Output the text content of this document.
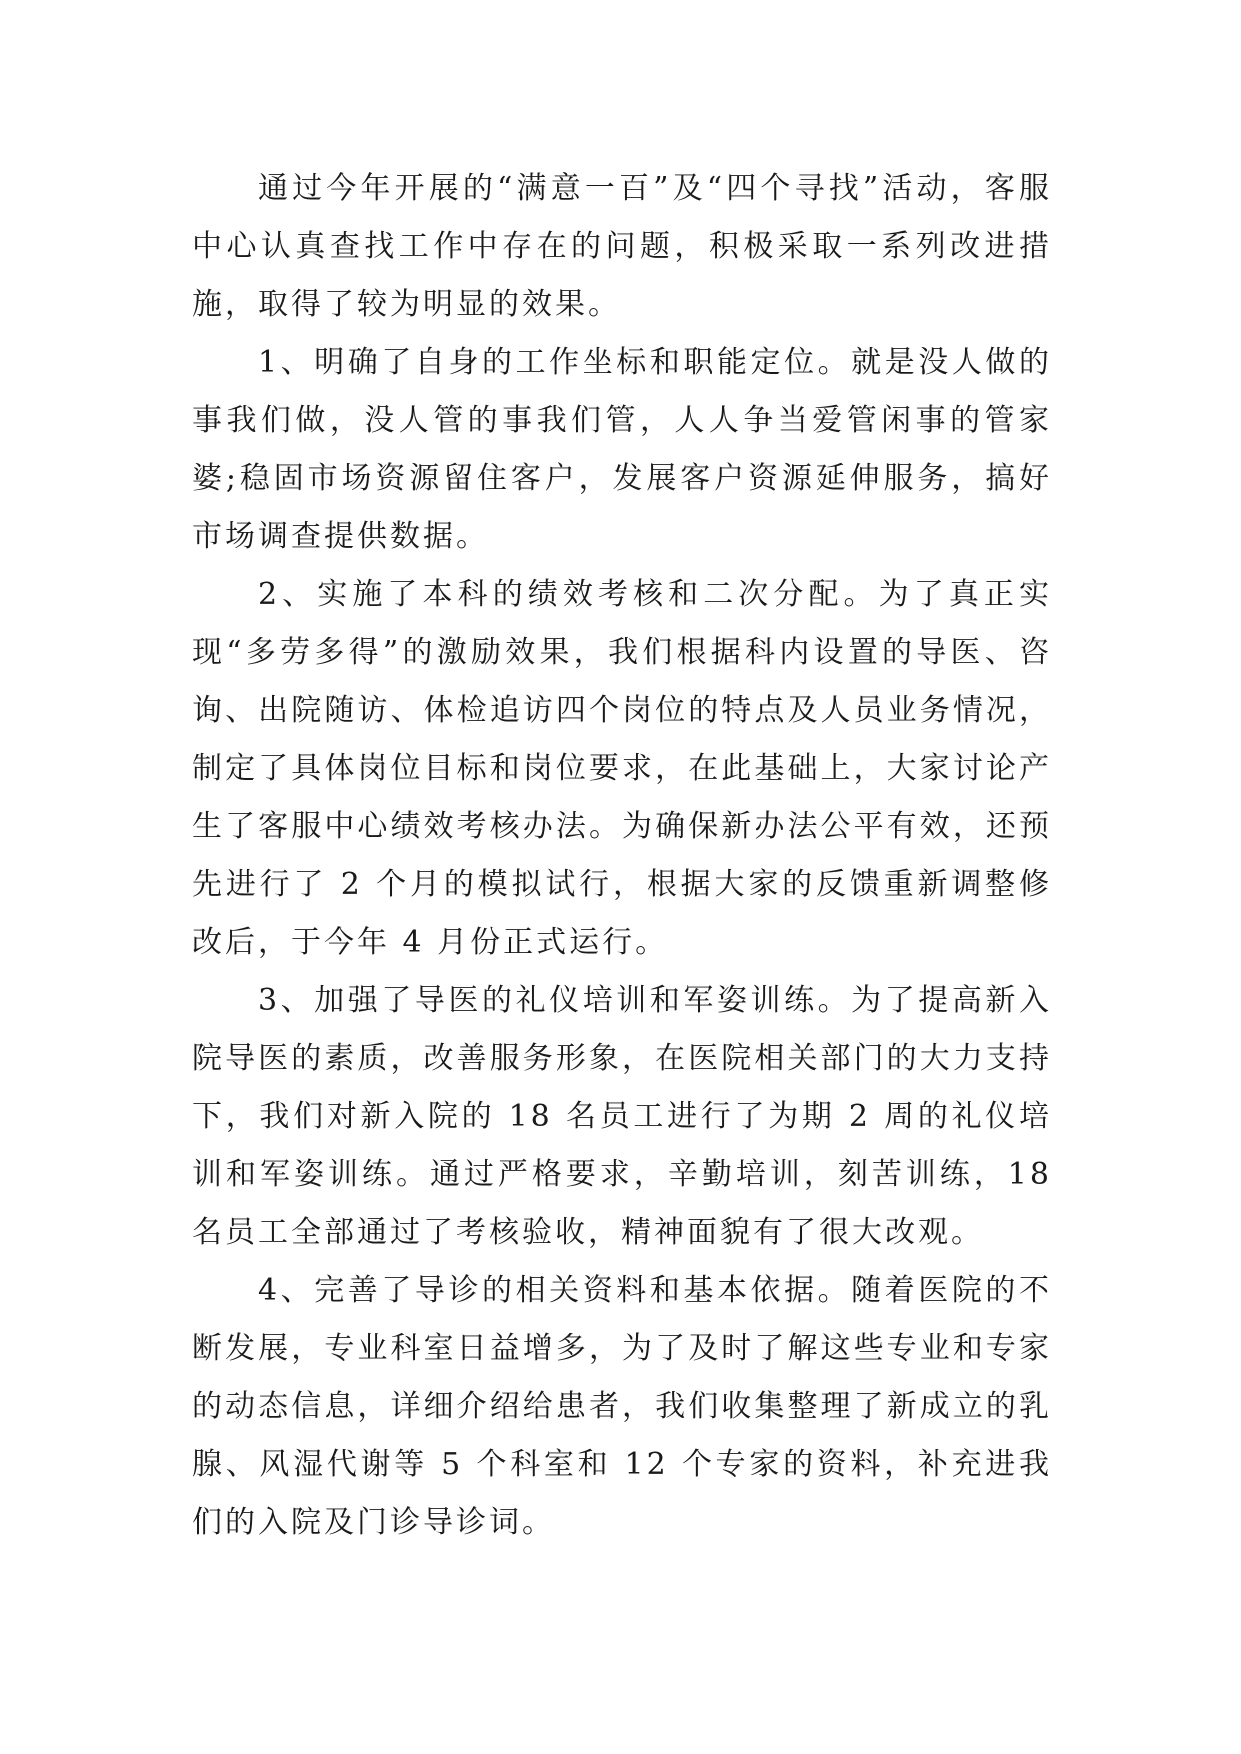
通过今年开展的“满意一百”及“四个寻找”活动，客服中心认真查找工作中存在的问题，积极采取一系列改进措施，取得了较为明显的效果。

1、明确了自身的工作坐标和职能定位。就是没人做的事我们做，没人管的事我们管，人人争当爱管闲事的管家婆;稳固市场资源留住客户，发展客户资源延伸服务，搞好市场调查提供数据。

2、实施了本科的绩效考核和二次分配。为了真正实现“多劳多得”的激励效果，我们根据科内设置的导医、咨询、出院随访、体检追访四个岗位的特点及人员业务情况，制定了具体岗位目标和岗位要求，在此基础上，大家讨论产生了客服中心绩效考核办法。为确保新办法公平有效，还预先进行了 2 个月的模拟试行，根据大家的反馈重新调整修改后，于今年 4 月份正式运行。

3、加强了导医的礼仪培训和军姿训练。为了提高新入院导医的素质，改善服务形象，在医院相关部门的大力支持下，我们对新入院的 18 名员工进行了为期 2 周的礼仪培训和军姿训练。通过严格要求，辛勤培训，刻苦训练，18 名员工全部通过了考核验收，精神面貌有了很大改观。

4、完善了导诊的相关资料和基本依据。随着医院的不断发展，专业科室日益增多，为了及时了解这些专业和专家的动态信息，详细介绍给患者，我们收集整理了新成立的乳腺、风湿代谢等 5 个科室和 12 个专家的资料，补充进我们的入院及门诊导诊词。
